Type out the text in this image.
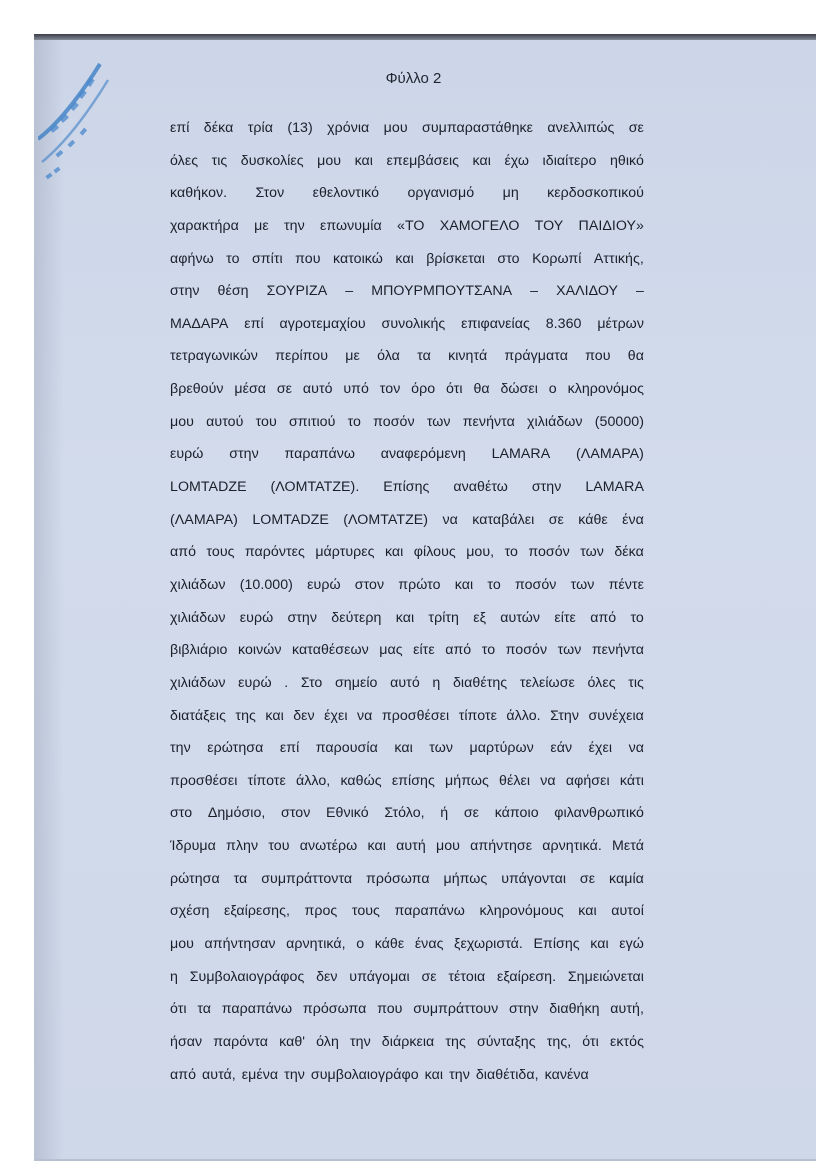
Φύλλο 2
επί δέκα τρία (13) χρόνια μου συμπαραστάθηκε ανελλιπώς σε
όλες τις δυσκολίες μου και επεμβάσεις και έχω ιδιαίτερο ηθικό
καθήκον. Στον εθελοντικό οργανισμό μη κερδοσκοπικού
χαρακτήρα με την επωνυμία «ΤΟ ΧΑΜΟΓΕΛΟ ΤΟΥ ΠΑΙΔΙΟΥ»
αφήνω το σπίτι που κατοικώ και βρίσκεται στο Κορωπί Αττικής,
στην θέση ΣΟΥΡΙΖΑ – ΜΠΟΥΡΜΠΟΥΤΣΑΝΑ – ΧΑΛΙΔΟΥ –
ΜΑΔΑΡΑ επί αγροτεμαχίου συνολικής επιφανείας 8.360 μέτρων
τετραγωνικών περίπου με όλα τα κινητά πράγματα που θα
βρεθούν μέσα σε αυτό υπό τον όρο ότι θα δώσει ο κληρονόμος
μου αυτού του σπιτιού το ποσόν των πενήντα χιλιάδων (50000)
ευρώ στην παραπάνω αναφερόμενη LAMARA (ΛΑΜΑΡΑ)
LOMTADZE (ΛΟΜΤΑΤΖΕ). Επίσης αναθέτω στην LAMARA
(ΛΑΜΑΡΑ) LOMTADZE (ΛΟΜΤΑΤΖΕ) να καταβάλει σε κάθε ένα
από τους παρόντες μάρτυρες και φίλους μου, το ποσόν των δέκα
χιλιάδων (10.000) ευρώ στον πρώτο και το ποσόν των πέντε
χιλιάδων ευρώ στην δεύτερη και τρίτη εξ αυτών είτε από το
βιβλιάριο κοινών καταθέσεων μας είτε από το ποσόν των πενήντα
χιλιάδων ευρώ . Στο σημείο αυτό η διαθέτης τελείωσε όλες τις
διατάξεις της και δεν έχει να προσθέσει τίποτε άλλο. Στην συνέχεια
την ερώτησα επί παρουσία και των μαρτύρων εάν έχει να
προσθέσει τίποτε άλλο, καθώς επίσης μήπως θέλει να αφήσει κάτι
στο Δημόσιο, στον Εθνικό Στόλο, ή σε κάποιο φιλανθρωπικό
Ίδρυμα πλην του ανωτέρω και αυτή μου απήντησε αρνητικά. Μετά
ρώτησα τα συμπράττοντα πρόσωπα μήπως υπάγονται σε καμία
σχέση εξαίρεσης, προς τους παραπάνω κληρονόμους και αυτοί
μου απήντησαν αρνητικά, ο κάθε ένας ξεχωριστά. Επίσης και εγώ
η Συμβολαιογράφος δεν υπάγομαι σε τέτοια εξαίρεση. Σημειώνεται
ότι τα παραπάνω πρόσωπα που συμπράττουν στην διαθήκη αυτή,
ήσαν παρόντα καθ' όλη την διάρκεια της σύνταξης της, ότι εκτός
από αυτά, εμένα την συμβολαιογράφο και την διαθέτιδα, κανένα
